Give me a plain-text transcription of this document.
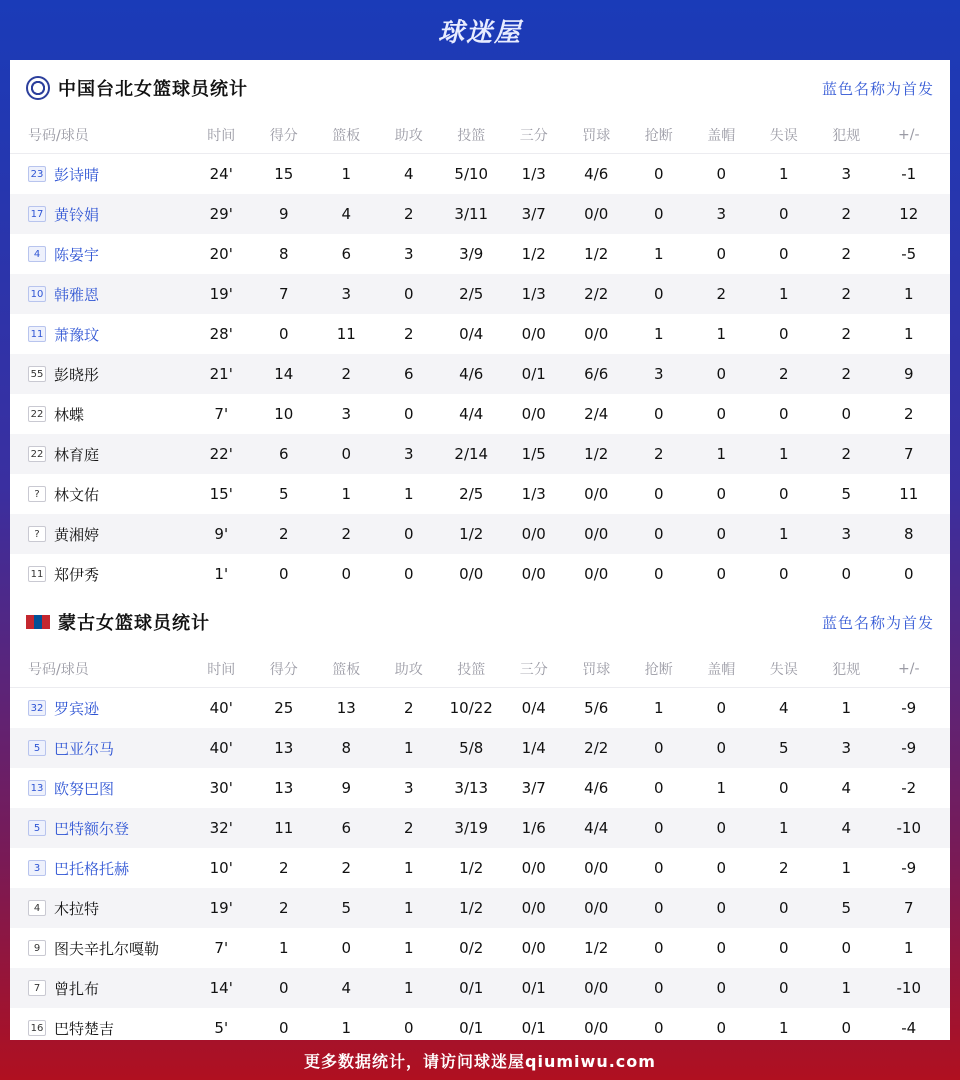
球迷屋
中国台北女篮球员统计	蓝色名称为首发
号码/球员	时间	得分	篮板	助攻	投篮	三分	罚球	抢断	盖帽	失误	犯规	+/-
23 彭诗晴	24'	15	1	4	5/10	1/3	4/6	0	0	1	3	-1
17 黄铃娟	29'	9	4	2	3/11	3/7	0/0	0	3	0	2	12
4 陈晏宇	20'	8	6	3	3/9	1/2	1/2	1	0	0	2	-5
10 韩雅恩	19'	7	3	0	2/5	1/3	2/2	0	2	1	2	1
11 萧豫玟	28'	0	11	2	0/4	0/0	0/0	1	1	0	2	1
55 彭晓彤	21'	14	2	6	4/6	0/1	6/6	3	0	2	2	9
22 林蝶	7'	10	3	0	4/4	0/0	2/4	0	0	0	0	2
22 林育庭	22'	6	0	3	2/14	1/5	1/2	2	1	1	2	7
? 林文佑	15'	5	1	1	2/5	1/3	0/0	0	0	0	5	11
? 黄湘婷	9'	2	2	0	1/2	0/0	0/0	0	0	1	3	8
11 郑伊秀	1'	0	0	0	0/0	0/0	0/0	0	0	0	0	0
蒙古女篮球员统计	蓝色名称为首发
号码/球员	时间	得分	篮板	助攻	投篮	三分	罚球	抢断	盖帽	失误	犯规	+/-
32 罗宾逊	40'	25	13	2	10/22	0/4	5/6	1	0	4	1	-9
5 巴亚尔马	40'	13	8	1	5/8	1/4	2/2	0	0	5	3	-9
13 欧努巴图	30'	13	9	3	3/13	3/7	4/6	0	1	0	4	-2
5 巴特额尔登	32'	11	6	2	3/19	1/6	4/4	0	0	1	4	-10
3 巴托格托赫	10'	2	2	1	1/2	0/0	0/0	0	0	2	1	-9
4 木拉特	19'	2	5	1	1/2	0/0	0/0	0	0	0	5	7
9 图夫辛扎尔嘎勒	7'	1	0	1	0/2	0/0	1/2	0	0	0	0	1
7 曾扎布	14'	0	4	1	0/1	0/1	0/0	0	0	0	1	-10
16 巴特楚吉	5'	0	1	0	0/1	0/1	0/0	0	0	1	0	-4
更多数据统计，请访问球迷屋qiumiwu.com
